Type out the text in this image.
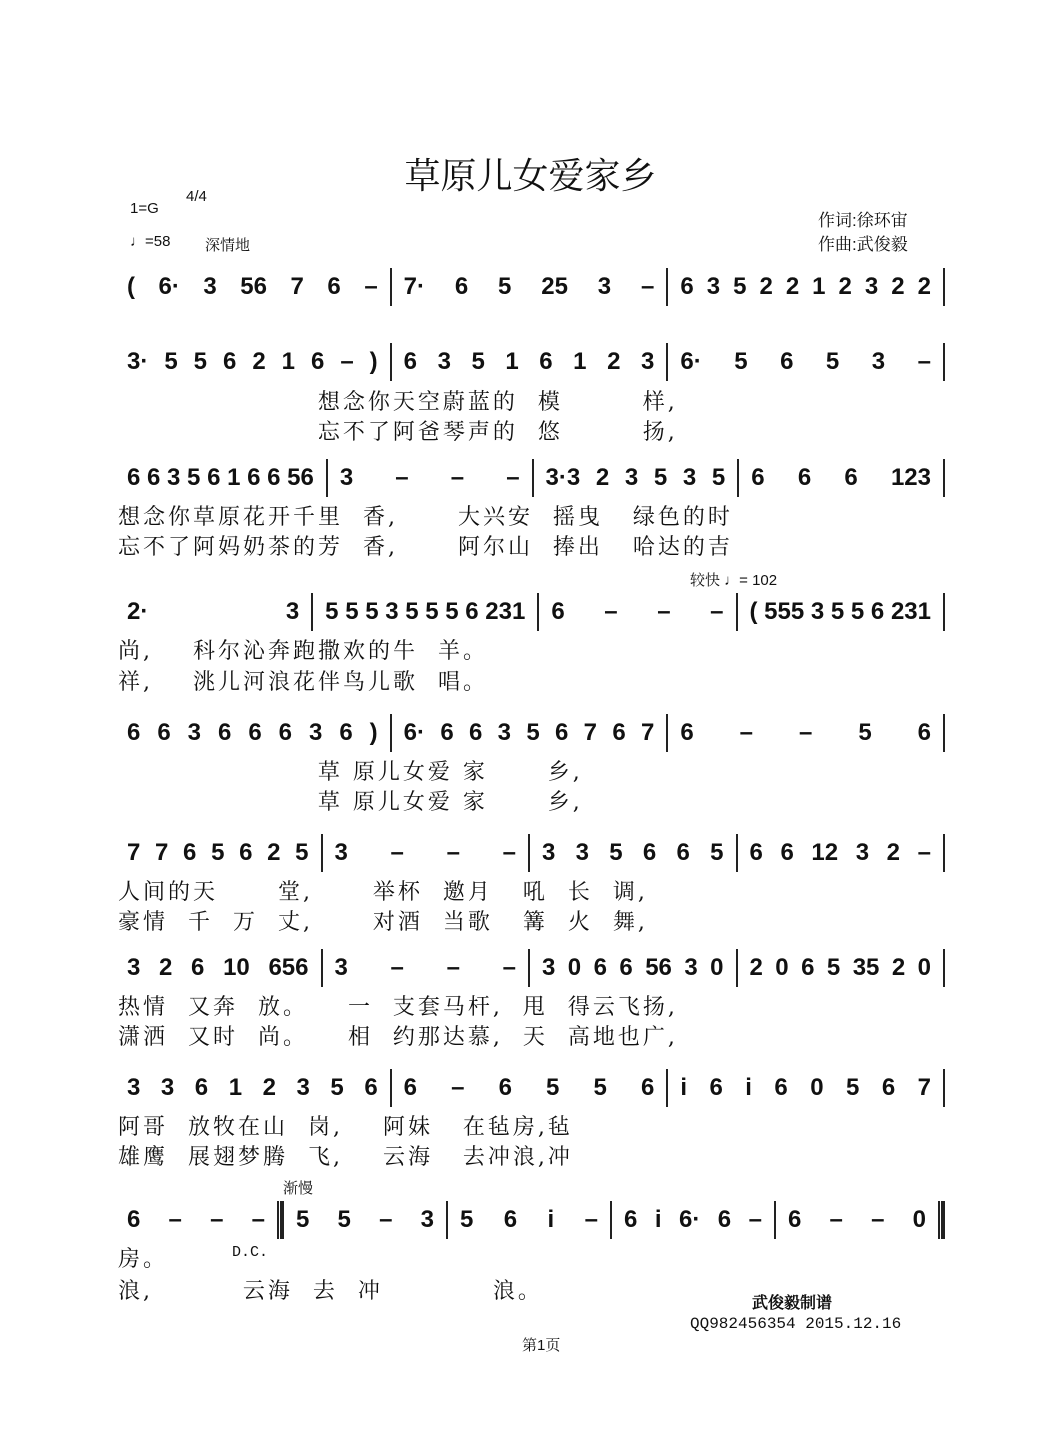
草原儿女爱家乡
1=G
4/4
♩=58 深情地
作词:徐环宙
作曲:武俊毅
较快 ♩= 102
渐慢
D.C.
( 6· 3 56 7 6 –	7· 6 5 25 3 –	6 3 5 2 2 1 2 3 2 2
3· 5 5 6 2 1 6 – )	6 3 5 1 6 1 2 3	6· 5 6 5 3 –
想念你天空蔚蓝的  模        样,
忘不了阿爸琴声的  悠        扬,
6 6 3 5 6 1 6 6 56	3 – – –	3·3 2 3 5 3 5	6 6 6 123
想念你草原花开千里  香,      大兴安  摇曳   绿色的时
忘不了阿妈奶茶的芳  香,      阿尔山  捧出   哈达的吉
2· 3	5 5 5 3 5 5 5 6 231	6 – – –	( 555 3 5 5 6 231
尚,    科尔沁奔跑撒欢的牛  羊。
祥,    洮儿河浪花伴鸟儿歌  唱。
6 6 3 6 6 6 3 6 )	6· 6 6 3 5 6 7 6 7	6 – – 5 6
草 原儿女爱 家      乡,
草 原儿女爱 家      乡,
7 7 6 5 6 2 5	3 – – –	3 3 5 6 6 5	6 6 12 3 2 –
人间的天      堂,      举杯  邀月   吼  长  调,
豪情  千  万  丈,      对酒  当歌   篝  火  舞,
3 2 6 10 656	3 – – –	3 0 6 6 56 3 0	2 0 6 5 35 2 0
热情  又奔  放。    一  支套马杆,  甩  得云飞扬,
潇洒  又时  尚。    相  约那达慕,  天  高地也广,
3 3 6 1 2 3 5 6	6 – 6 5 5 6	i 6 i 6 0 5 6 7
阿哥  放牧在山  岗,    阿妹   在毡房,毡
雄鹰  展翅梦腾  飞,    云海   去冲浪,冲
6 – – –	5 5 – 3	5 6 i –	6 i 6· 6 –	6 – – 0
房。
浪,         云海  去  冲           浪。	武俊毅制谱
QQ982456354 2015.12.16
第1页
